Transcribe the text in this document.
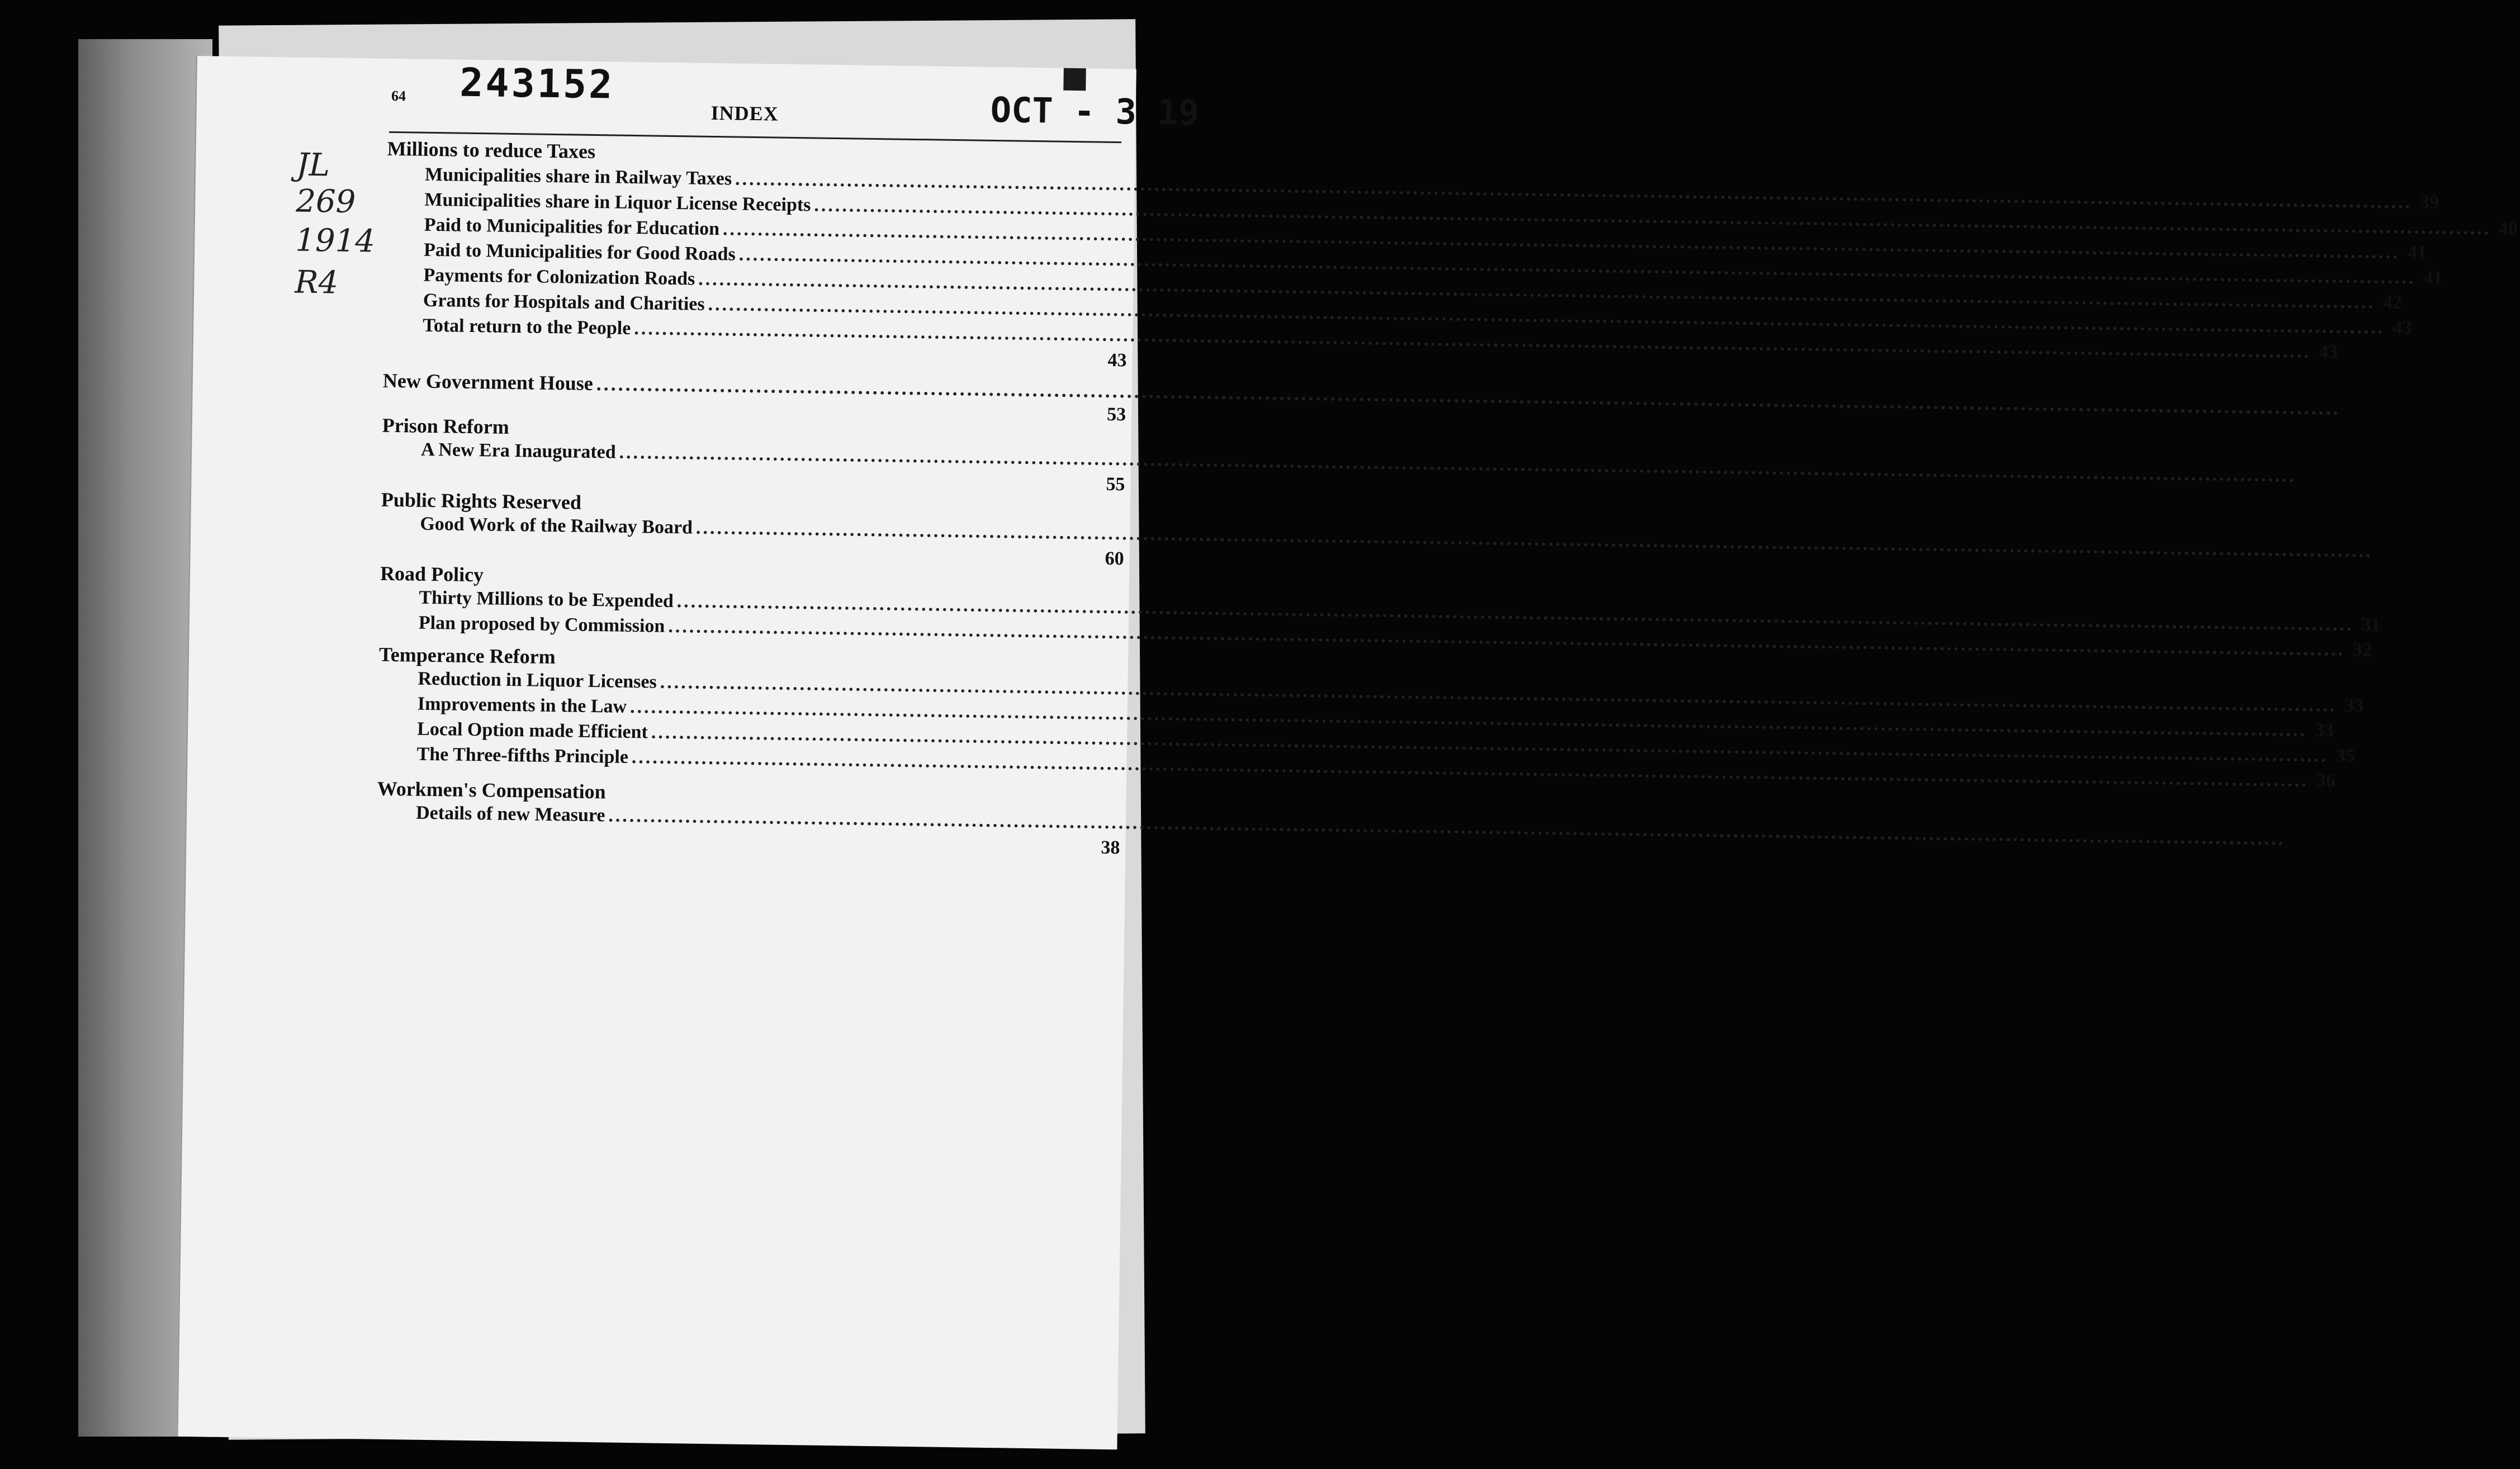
64 243152
INDEX	OCT - 3 19
JL
269
1914
R4
Millions to reduce Taxes
Municipalities share in Railway Taxes
.....
39
Municipalities share in Liquor License Receipts
.....
40
Paid to Municipalities for Education
.....
41
Paid to Municipalities for Good Roads
.....
41
Payments for Colonization Roads
.....
42
Grants for Hospitals and Charities
.....
43
Total return to the People
.....
43
43
New Government House
.....
53
Prison Reform
A New Era Inaugurated
.....
55
Public Rights Reserved
Good Work of the Railway Board
.....
60
Road Policy
Thirty Millions to be Expended
.....
31
Plan proposed by Commission
.....
32
Temperance Reform
Reduction in Liquor Licenses
.....
33
Improvements in the Law
.....
33
Local Option made Efficient
.....
35
The Three-fifths Principle
.....
36
Workmen's Compensation
Details of new Measure
.....
38
